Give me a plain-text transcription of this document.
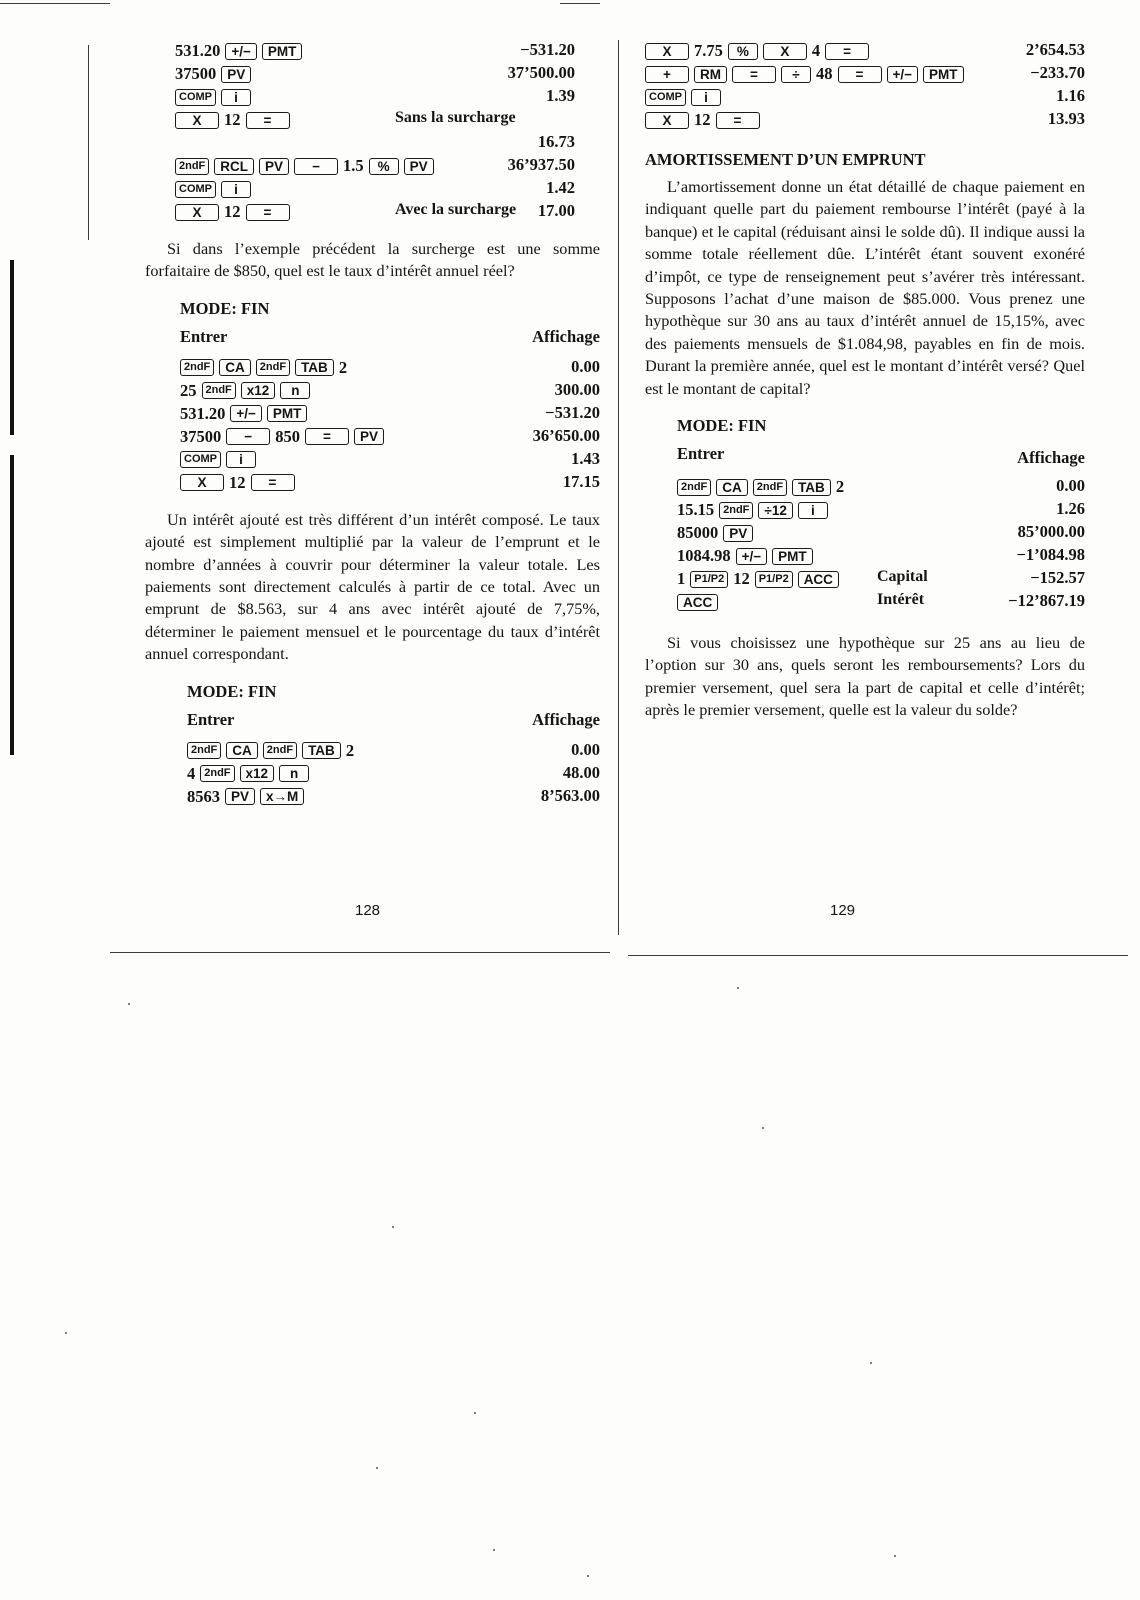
531.20 +/−	PMT	−531.20
37500 PV	37’500.00
COMP	i	1.39
X	12	=	Sans la surcharge
16.73
2ndF	RCL	PV	−	1.5	%	PV	36’937.50
COMP	i	1.42
X	12	=	Avec la surcharge 17.00

Si dans l’exemple précédent la surcherge est une somme forfaitaire de $850, quel est le taux d’intérêt annuel réel?

MODE: FIN
Entrer	Affichage
2ndF	CA	2ndF	TAB 2	0.00
25 2ndF	x12	n	300.00
531.20 +/−	PMT	−531.20
37500	−	850	=	PV	36’650.00
COMP	i	1.43
X	12	=	17.15

Un intérêt ajouté est très différent d’un intérêt composé. Le taux ajouté est simplement multiplié par la valeur de l’emprunt et le nombre d’années à couvrir pour déterminer la valeur totale. Les paiements sont directement calculés à partir de ce total. Avec un emprunt de $8.563, sur 4 ans avec intérêt ajouté de 7,75%, déterminer le paiement mensuel et le pourcentage du taux d’intérêt annuel correspondant.

MODE: FIN
Entrer	Affichage
2ndF	CA	2ndF	TAB 2	0.00
4 2ndF	x12	n	48.00
8563 PV	x→M	8’563.00
128
X	7.75	%	X	4	=	2’654.53
+	RM	=	÷ 48	=	+/−	PMT	−233.70
COMP	i	1.16
X	12	=	13.93
AMORTISSEMENT D’UN EMPRUNT

L’amortissement donne un état détaillé de chaque paiement en indiquant quelle part du paiement rembourse l’intérêt (payé à la banque) et le capital (réduisant ainsi le solde dû). Il indique aussi la somme totale réellement dûe. L’intérêt étant souvent exonéré d’impôt, ce type de renseignement peut s’avérer très intéressant. Supposons l’achat d’une maison de $85.000. Vous prenez une hypothèque sur 30 ans au taux d’intérêt annuel de 15,15%, avec des paiements mensuels de $1.084,98, payables en fin de mois. Durant la première année, quel est le montant d’intérêt versé? Quel est le montant de capital?

MODE: FIN
Entrer	Affichage
2ndF	CA	2ndF	TAB 2	0.00
15.15 2ndF	÷12	i	1.26
85000 PV	85’000.00
1084.98 +/−	PMT	−1’084.98
1 P1/P2 12 P1/P2	ACC	Capital	−152.57
ACC	Intérêt	−12’867.19

Si vous choisissez une hypothèque sur 25 ans au lieu de l’option sur 30 ans, quels seront les remboursements? Lors du premier versement, quel sera la part de capital et celle d’intérêt; après le premier versement, quelle est la valeur du solde?

129
